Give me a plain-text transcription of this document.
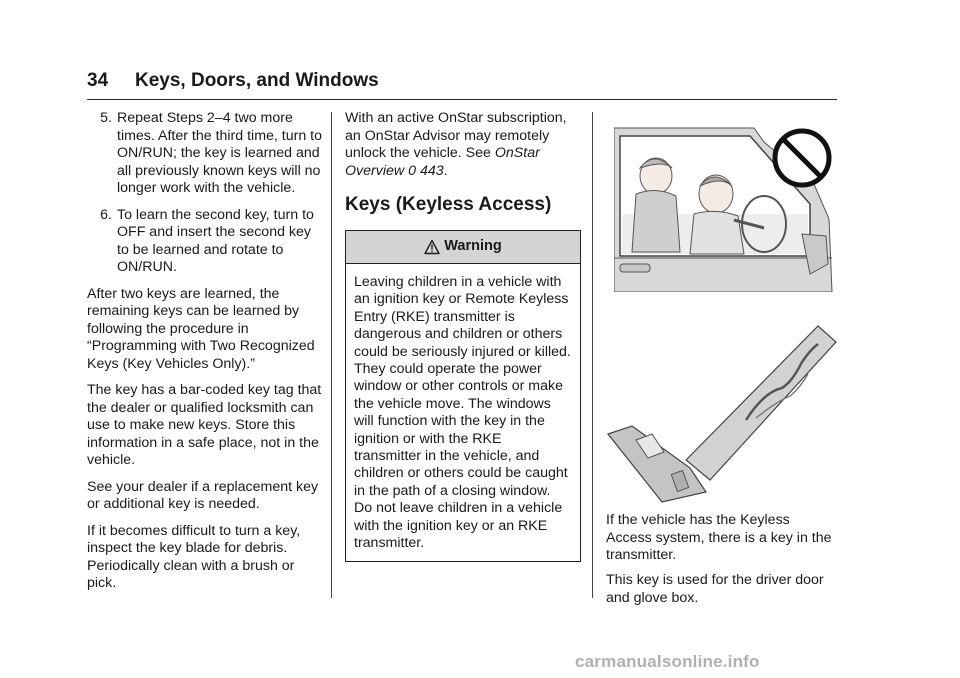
34 Keys, Doors, and Windows
5. Repeat Steps 2–4 two more times. After the third time, turn to ON/RUN; the key is learned and all previously known keys will no longer work with the vehicle.
6. To learn the second key, turn to OFF and insert the second key to be learned and rotate to ON/RUN.

After two keys are learned, the remaining keys can be learned by following the procedure in “Programming with Two Recognized Keys (Key Vehicles Only).”

The key has a bar-coded key tag that the dealer or qualified locksmith can use to make new keys. Store this information in a safe place, not in the vehicle.

See your dealer if a replacement key or additional key is needed.

If it becomes difficult to turn a key, inspect the key blade for debris. Periodically clean with a brush or pick.

With an active OnStar subscription, an OnStar Advisor may remotely unlock the vehicle. See OnStar Overview 0 443.

Keys (Keyless Access)
Warning
Leaving children in a vehicle with an ignition key or Remote Keyless Entry (RKE) transmitter is dangerous and children or others could be seriously injured or killed. They could operate the power window or other controls or make the vehicle move. The windows will function with the key in the ignition or with the RKE transmitter in the vehicle, and children or others could be caught in the path of a closing window. Do not leave children in a vehicle with the ignition key or an RKE transmitter.
If the vehicle has the Keyless Access system, there is a key in the transmitter.
This key is used for the driver door and glove box.
carmanualsonline.info
